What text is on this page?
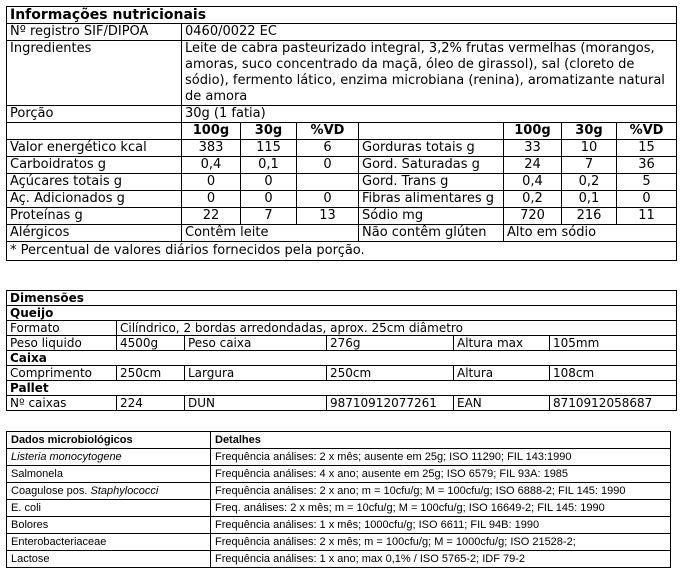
Informações nutricionais							
Nº registro SIF/DIPOA	0460/0022 EC						
Ingredientes	Leite de cabra pasteurizado integral, 3,2% frutas vermelhas (morangos, amoras, suco concentrado da maçã, óleo de girassol), sal (cloreto de sódio), fermento lático, enzima microbiana (renina), aromatizante natural de amora						
Porção	30g (1 fatia)						
	100g	30g	%VD		100g	30g	%VD
Valor energético kcal	383	115	6	Gorduras totais g	33	10	15
Carboidratos g	0,4	0,1	0	Gord. Saturadas g	24	7	36
Açúcares totais g	0	0		Gord. Trans g	0,4	0,2	5
Aç. Adicionados g	0	0	0	Fibras alimentares g	0,2	0,1	0
Proteínas g	22	7	13	Sódio mg	720	216	11
Alérgicos	Contêm leite			Não contêm glúten	Alto em sódio		
* Percentual de valores diários fornecidos pela porção.							
Dimensões					
Queijo					
Formato	Cilíndrico, 2 bordas arredondadas, aprox. 25cm diâmetro				
Peso liquido	4500g	Peso caixa	276g	Altura max	105mm
Caixa					
Comprimento	250cm	Largura	250cm	Altura	108cm
Pallet					
Nº caixas	224	DUN	98710912077261	EAN	8710912058687
Dados microbiológicos	Detalhes
Listeria monocytogene	Frequência análises: 2 x mês; ausente em 25g; ISO 11290; FIL 143:1990
Salmonela	Frequência análises: 4 x ano; ausente em 25g; ISO 6579; FIL 93A: 1985
Coagulose pos. Staphylococci	Frequência análises: 2 x ano; m = 10cfu/g; M = 100cfu/g; ISO 6888-2; FIL 145: 1990
E. coli	Freq. análises: 2 x mês; m = 10cfu/g; M = 100cfu/g; ISO 16649-2; FIL 145: 1990
Bolores	Frequência análises: 1 x mês; 1000cfu/g; ISO 6611; FIL 94B: 1990
Enterobacteriaceae	Frequência análises: 2 x mês; m = 100cfu/g; M = 1000cfu/g; ISO 21528-2;
Lactose	Frequência análises: 1 x ano; max 0,1% / ISO 5765-2; IDF 79-2
